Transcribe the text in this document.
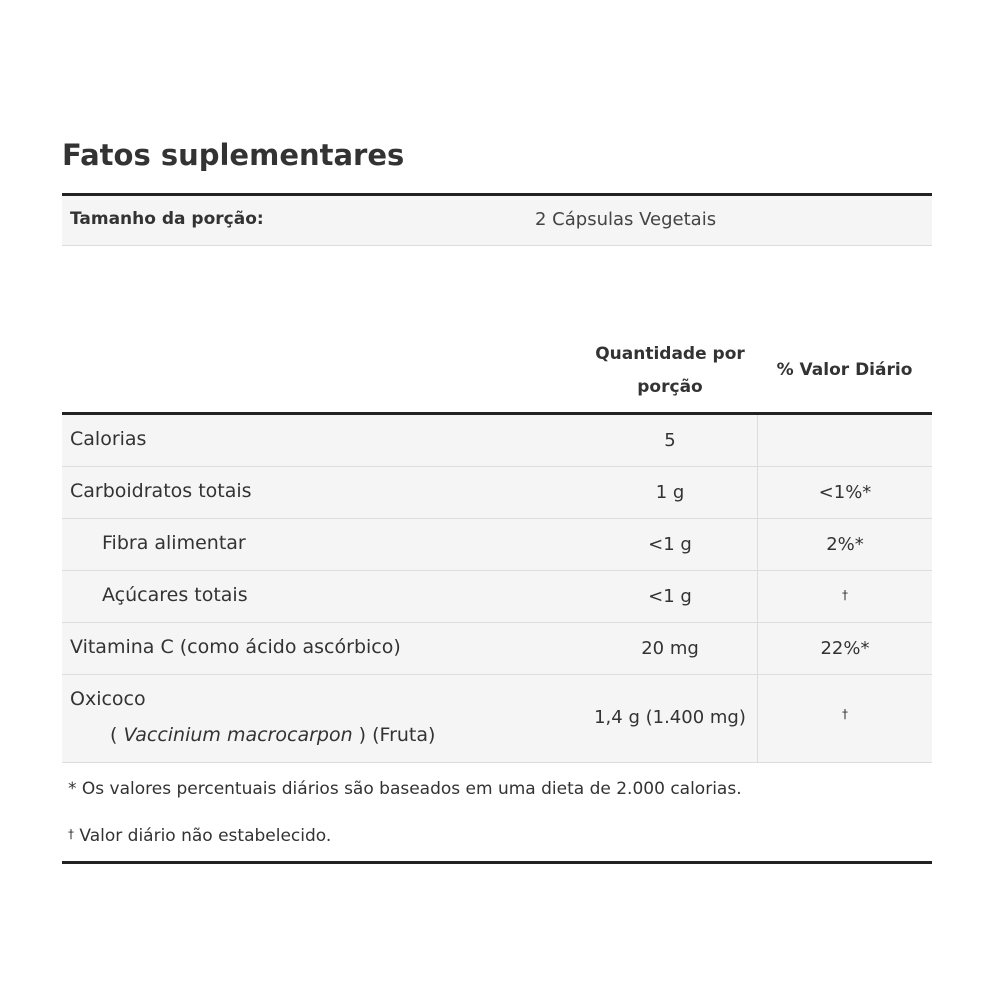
Fatos suplementares
Tamanho da porção:	2 Cápsulas Vegetais
Quantidade por
porção
% Valor Diário
Calorias	5
Carboidratos totais	1 g	<1%*
Fibra alimentar	<1 g	2%*
Açúcares totais	<1 g	†
Vitamina C (como ácido ascórbico)	20 mg	22%*
Oxicoco
( Vaccinium macrocarpon ) (Fruta)
1,4 g (1.400 mg)	†
* Os valores percentuais diários são baseados em uma dieta de 2.000 calorias.
† Valor diário não estabelecido.
